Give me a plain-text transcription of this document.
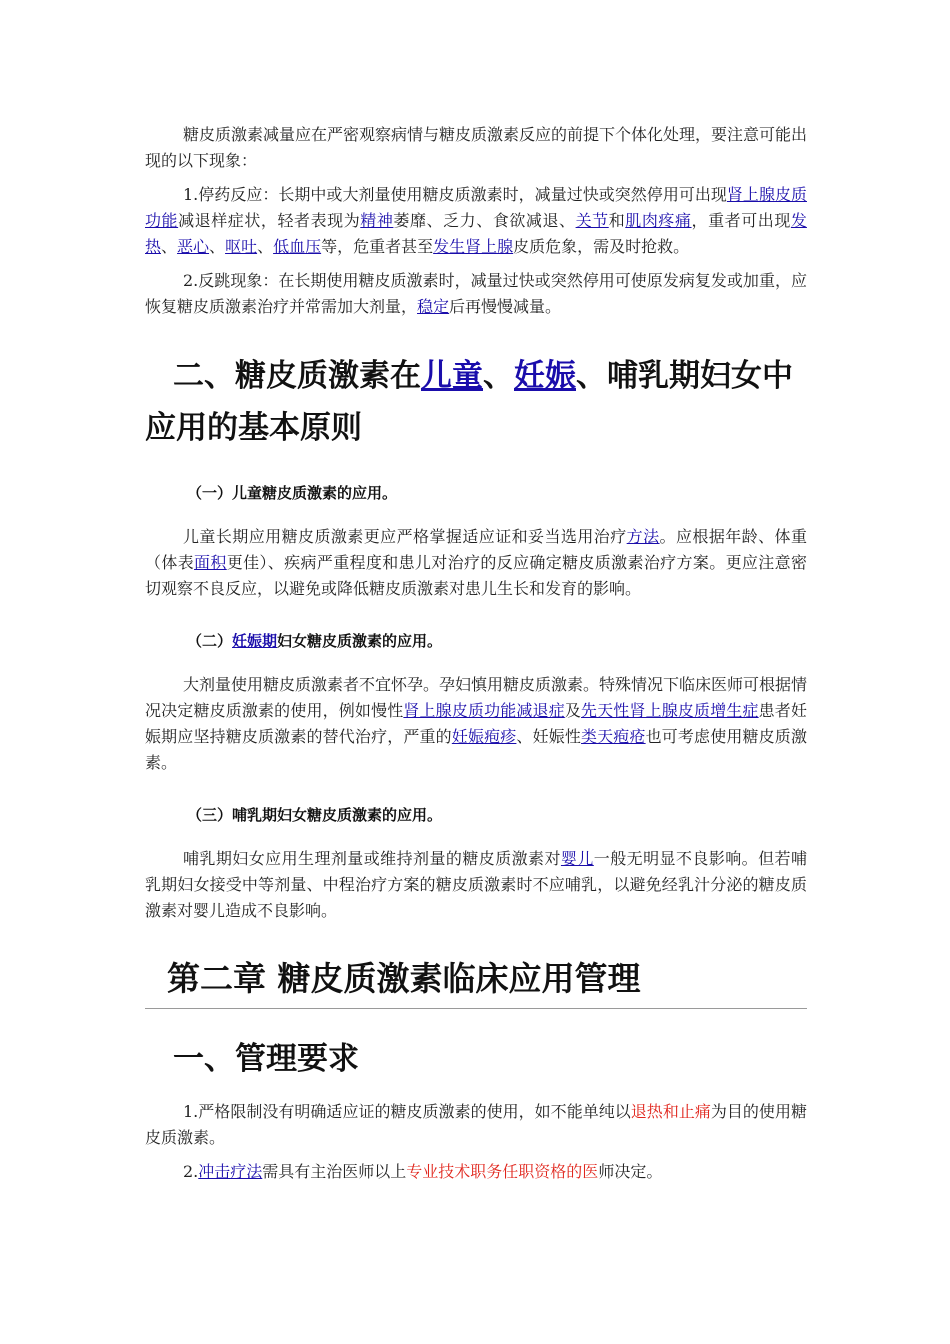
糖皮质激素减量应在严密观察病情与糖皮质激素反应的前提下个体化处理，要注意可能出现的以下现象：

1.停药反应：长期中或大剂量使用糖皮质激素时，减量过快或突然停用可出现肾上腺皮质功能减退样症状，轻者表现为精神萎靡、乏力、食欲减退、关节和肌肉疼痛，重者可出现发热、恶心、呕吐、低血压等，危重者甚至发生肾上腺皮质危象，需及时抢救。

2.反跳现象：在长期使用糖皮质激素时，减量过快或突然停用可使原发病复发或加重，应恢复糖皮质激素治疗并常需加大剂量，稳定后再慢慢减量。

二、糖皮质激素在儿童、妊娠、哺乳期妇女中应用的基本原则
（一）儿童糖皮质激素的应用。

儿童长期应用糖皮质激素更应严格掌握适应证和妥当选用治疗方法。应根据年龄、体重（体表面积更佳）、疾病严重程度和患儿对治疗的反应确定糖皮质激素治疗方案。更应注意密切观察不良反应，以避免或降低糖皮质激素对患儿生长和发育的影响。

（二）妊娠期妇女糖皮质激素的应用。

大剂量使用糖皮质激素者不宜怀孕。孕妇慎用糖皮质激素。特殊情况下临床医师可根据情况决定糖皮质激素的使用，例如慢性肾上腺皮质功能减退症及先天性肾上腺皮质增生症患者妊娠期应坚持糖皮质激素的替代治疗，严重的妊娠疱疹、妊娠性类天疱疮也可考虑使用糖皮质激素。

（三）哺乳期妇女糖皮质激素的应用。

哺乳期妇女应用生理剂量或维持剂量的糖皮质激素对婴儿一般无明显不良影响。但若哺乳期妇女接受中等剂量、中程治疗方案的糖皮质激素时不应哺乳，以避免经乳汁分泌的糖皮质激素对婴儿造成不良影响。

第二章 糖皮质激素临床应用管理
一、管理要求

1.严格限制没有明确适应证的糖皮质激素的使用，如不能单纯以退热和止痛为目的使用糖皮质激素。

2.冲击疗法需具有主治医师以上专业技术职务任职资格的医师决定。
